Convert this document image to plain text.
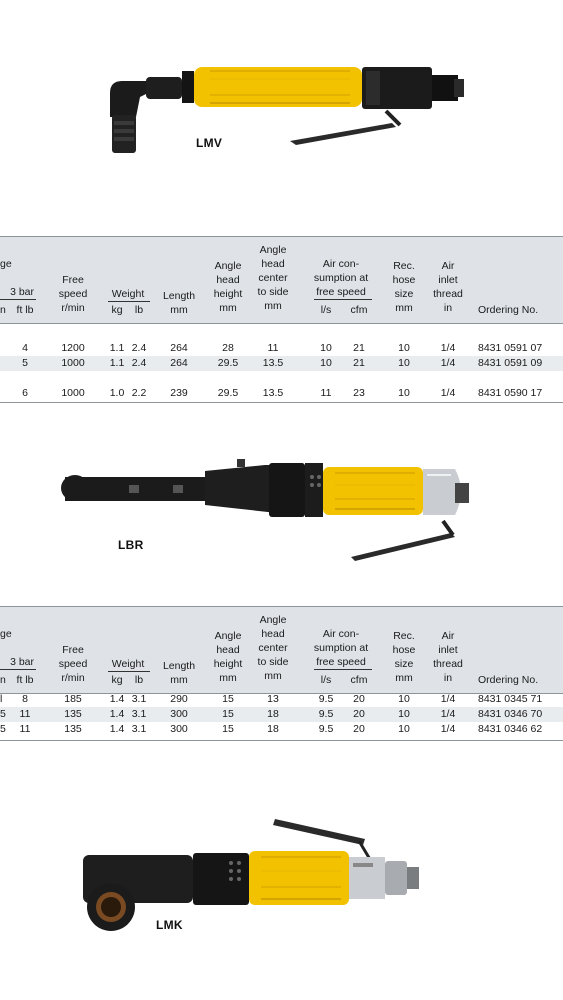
LMV
ge
3 bar
n	ft lb
Free
speed
r/min
Weight
kg	lb
Length
mm
Angle
head
height
mm
Angle
head
center
to side
mm
Air con-
sumption at
free speed
l/s	cfm
Rec.
hose
size
mm
Air
inlet
thread
in	Ordering No.
4	1200	1.1 2.4	264	28	11	10	21	10	1/4	8431 0591 07
5	1000	1.1 2.4	264	29.5	13.5	10	21	10	1/4	8431 0591 09
6	1000	1.0 2.2	239	29.5	13.5	11	23	10	1/4	8431 0590 17
LBR
ge
3 bar
n	ft lb
Free
speed
r/min
Weight
kg	lb
Length
mm
Angle
head
height
mm
Angle
head
center
to side
mm
Air con-
sumption at
free speed
l/s	cfm
Rec.
hose
size
mm
Air
inlet
thread
in	Ordering No.
l	8	185	1.4 3.1	290	15	13	9.5	20	10	1/4	8431 0345 71
5	11	135	1.4 3.1	300	15	18	9.5	20	10	1/4	8431 0346 70
5	11	135	1.4 3.1	300	15	18	9.5	20	10	1/4	8431 0346 62
LMK
